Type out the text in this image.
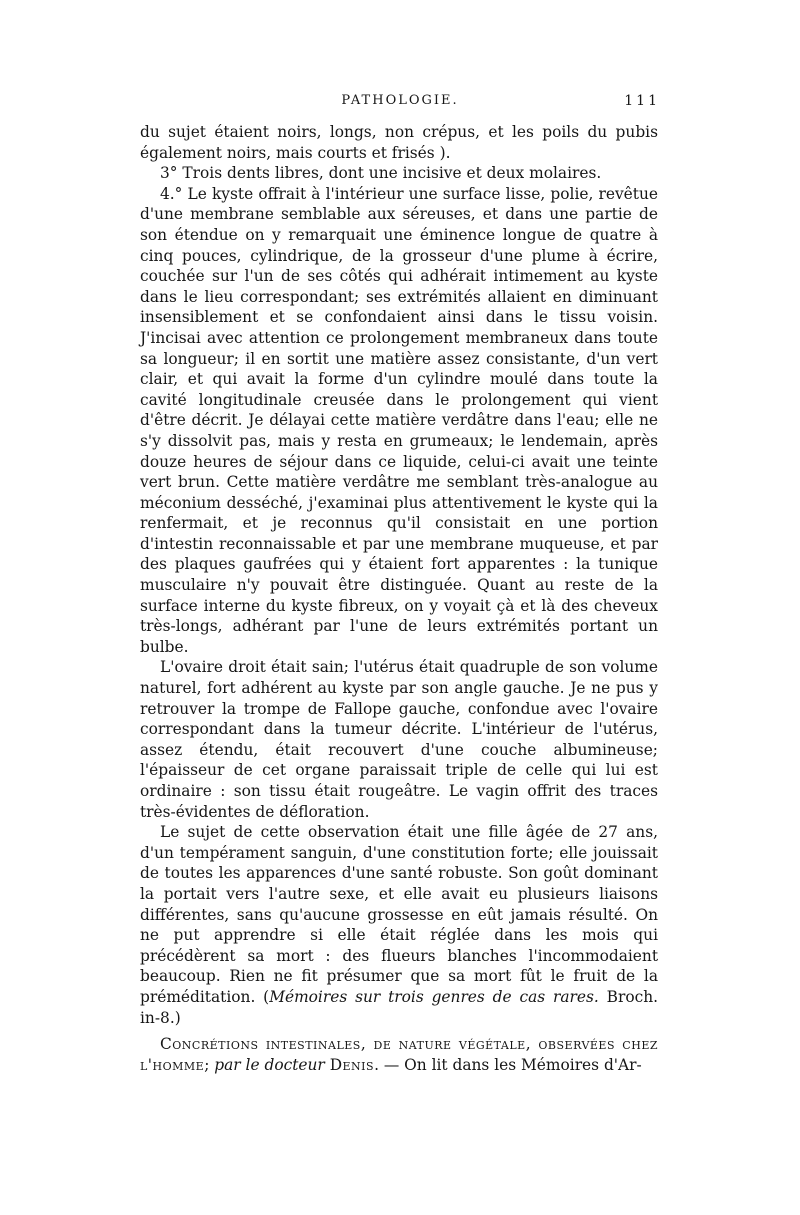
PATHOLOGIE.	111

du sujet étaient noirs, longs, non crépus, et les poils du pubis également noirs, mais courts et frisés ).

3° Trois dents libres, dont une incisive et deux molaires.

4.° Le kyste offrait à l'intérieur une surface lisse, polie, revêtue d'une membrane semblable aux séreuses, et dans une partie de son étendue on y remarquait une éminence longue de quatre à cinq pouces, cylindrique, de la grosseur d'une plume à écrire, couchée sur l'un de ses côtés qui adhérait intimement au kyste dans le lieu correspondant; ses extrémités allaient en diminuant insensiblement et se confondaient ainsi dans le tissu voisin. J'incisai avec attention ce prolongement membraneux dans toute sa longueur; il en sortit une matière assez consistante, d'un vert clair, et qui avait la forme d'un cylindre moulé dans toute la cavité longitudinale creusée dans le prolongement qui vient d'être décrit. Je délayai cette matière verdâtre dans l'eau; elle ne s'y dissolvit pas, mais y resta en grumeaux; le lendemain, après douze heures de séjour dans ce liquide, celui-ci avait une teinte vert brun. Cette matière verdâtre me semblant très-analogue au méconium desséché, j'examinai plus attentivement le kyste qui la renfermait, et je reconnus qu'il consistait en une portion d'intestin reconnaissable et par une membrane muqueuse, et par des plaques gaufrées qui y étaient fort apparentes : la tunique musculaire n'y pouvait être distinguée. Quant au reste de la surface interne du kyste fibreux, on y voyait çà et là des cheveux très-longs, adhérant par l'une de leurs extrémités portant un bulbe.

L'ovaire droit était sain; l'utérus était quadruple de son volume naturel, fort adhérent au kyste par son angle gauche. Je ne pus y retrouver la trompe de Fallope gauche, confondue avec l'ovaire correspondant dans la tumeur décrite. L'intérieur de l'utérus, assez étendu, était recouvert d'une couche albumineuse; l'épaisseur de cet organe paraissait triple de celle qui lui est ordinaire : son tissu était rougeâtre. Le vagin offrit des traces très-évidentes de défloration.

Le sujet de cette observation était une fille âgée de 27 ans, d'un tempérament sanguin, d'une constitution forte; elle jouissait de toutes les apparences d'une santé robuste. Son goût dominant la portait vers l'autre sexe, et elle avait eu plusieurs liaisons différentes, sans qu'aucune grossesse en eût jamais résulté. On ne put apprendre si elle était réglée dans les mois qui précédèrent sa mort : des flueurs blanches l'incommodaient beaucoup. Rien ne fit présumer que sa mort fût le fruit de la préméditation. (Mémoires sur trois genres de cas rares. Broch. in-8.)

Concrétions intestinales, de nature végétale, observées chez l'homme; par le docteur Denis. — On lit dans les Mémoires d'Ar-
